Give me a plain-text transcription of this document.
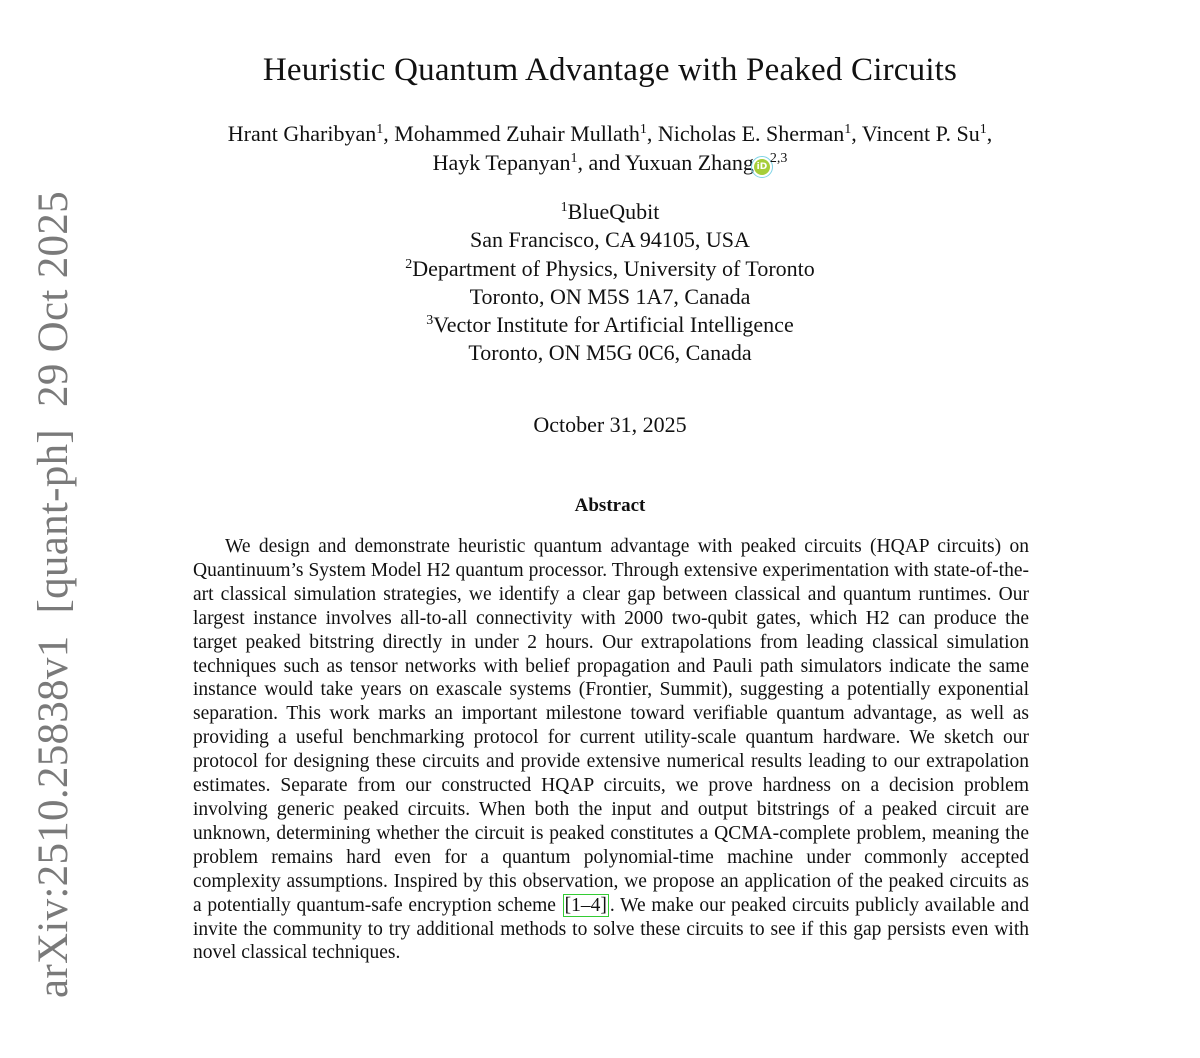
arXiv:2510.25838v1[quant-ph]29 Oct 2025
Heuristic Quantum Advantage with Peaked Circuits
Hrant Gharibyan$^1$, Mohammed Zuhair Mullath$^1$, Nicholas E. Sherman$^1$, Vincent P. Su$^1$,
Hayk Tepanyan$^1$, and Yuxuan Zhang iD$^{2,3}$
$^1$BlueQubit
San Francisco, CA 94105, USA
$^2$Department of Physics, University of Toronto
Toronto, ON M5S 1A7, Canada
$^3$Vector Institute for Artificial Intelligence
Toronto, ON M5G 0C6, Canada
October 31, 2025
Abstract
We design and demonstrate heuristic quantum advantage with peaked circuits (HQAP circuits) on Quantinuum’s System Model H2 quantum processor. Through extensive experimentation with state-of-the-art classical simulation strategies, we identify a clear gap between classical and quantum runtimes. Our largest instance involves all-to-all connectivity with 2000 two-qubit gates, which H2 can produce the target peaked bitstring directly in under 2 hours. Our extrapolations from leading classical simulation techniques such as tensor networks with belief propagation and Pauli path simulators indicate the same instance would take years on exascale systems (Frontier, Summit), suggesting a potentially exponential separation. This work marks an important milestone toward verifiable quantum advantage, as well as providing a useful benchmarking protocol for current utility-scale quantum hardware. We sketch our protocol for designing these circuits and provide extensive numerical results leading to our extrapolation estimates. Separate from our constructed HQAP circuits, we prove hardness on a decision problem involving generic peaked circuits. When both the input and output bitstrings of a peaked circuit are unknown, determining whether the circuit is peaked constitutes a QCMA-complete problem, meaning the problem remains hard even for a quantum polynomial-time machine under commonly accepted complexity assumptions. Inspired by this observation, we propose an application of the peaked circuits as a potentially quantum-safe encryption scheme [1–4] . We make our peaked circuits publicly available and invite the community to try additional methods to solve these circuits to see if this gap persists even with novel classical techniques.
